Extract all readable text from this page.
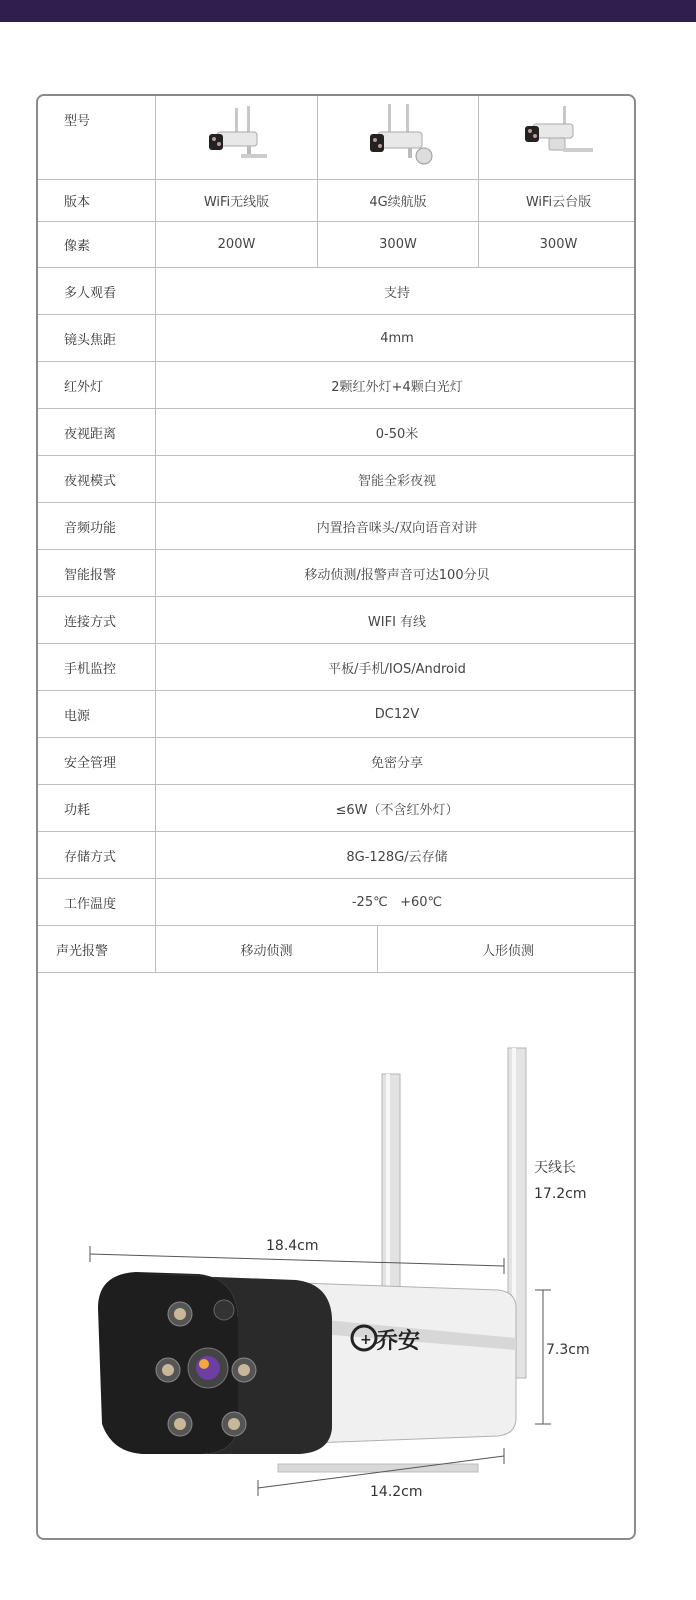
型号
版本	WiFi无线版	4G续航版	WiFi云台版
像素	200W	300W	300W
多人观看	支持
镜头焦距	4mm
红外灯	2颗红外灯+4颗白光灯
夜视距离	0-50米
夜视模式	智能全彩夜视
音频功能	内置拾音咪头/双向语音对讲
智能报警	移动侦测/报警声音可达100分贝
连接方式	WIFI 有线
手机监控	平板/手机/IOS/Android
电源	DC12V
安全管理	免密分享
功耗	≤6W（不含红外灯）
存储方式	8G-128G/云存储
工作温度	-25℃   +60℃
声光报警	移动侦测	人形侦测
+ 乔安
18.4cm
7.3cm
14.2cm
天线长
17.2cm
